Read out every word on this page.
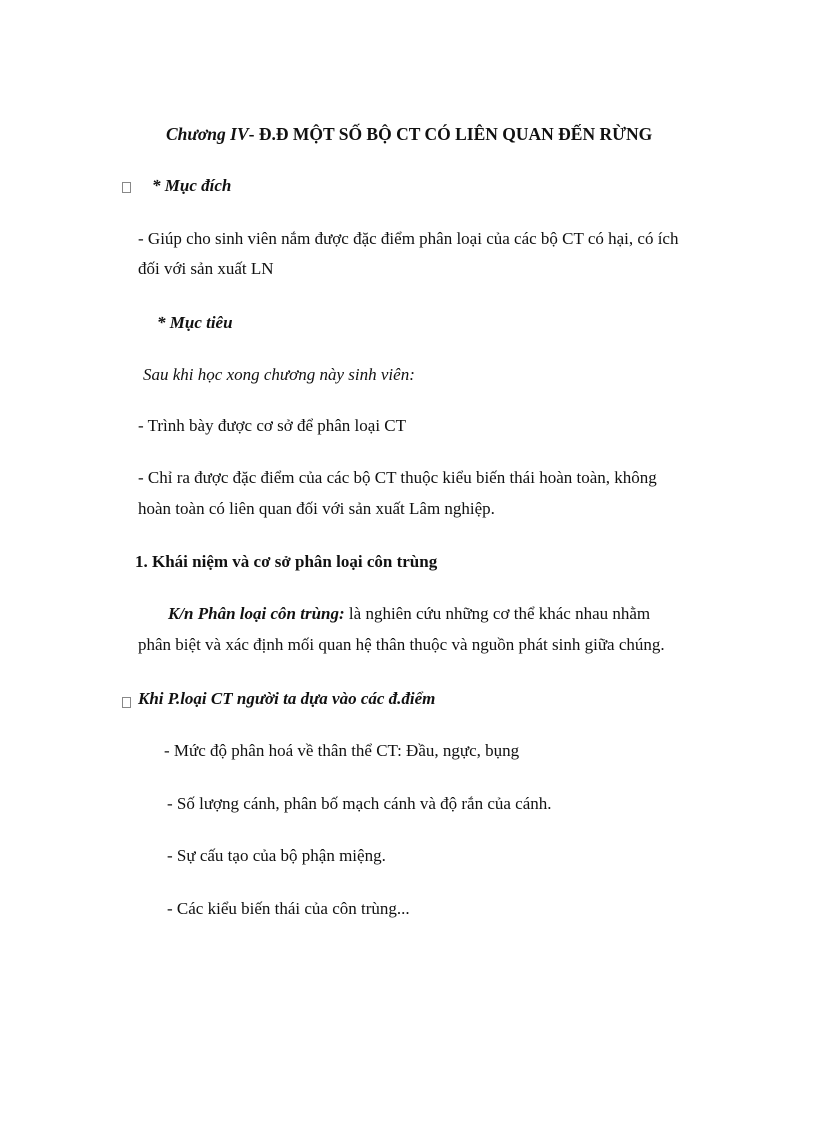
Chương IV- Đ.Đ MỘT SỐ BỘ CT CÓ LIÊN QUAN ĐẾN RỪNG
* Mục đích
- Giúp cho sinh viên nắm được đặc điểm phân loại của các bộ CT có hại, có ích
đối với sản xuất LN
* Mục tiêu
Sau khi học xong chương này sinh viên:
- Trình bày được cơ sở để phân loại CT
- Chỉ ra được đặc điểm của các bộ CT thuộc kiểu biến thái hoàn toàn, không
hoàn toàn có liên quan đối với sản xuất Lâm nghiệp.
1. Khái niệm và cơ sở phân loại côn trùng
K/n Phân loại côn trùng: là nghiên cứu những cơ thể khác nhau nhằm
phân biệt và xác định mối quan hệ thân thuộc và nguồn phát sinh giữa chúng.
Khi P.loại CT người ta dựa vào các đ.điểm
- Mức độ phân hoá về thân thể CT: Đầu, ngực, bụng
- Số lượng cánh, phân bố mạch cánh và độ rắn của cánh.
- Sự cấu tạo của bộ phận miệng.
- Các kiểu biến thái của côn trùng...
